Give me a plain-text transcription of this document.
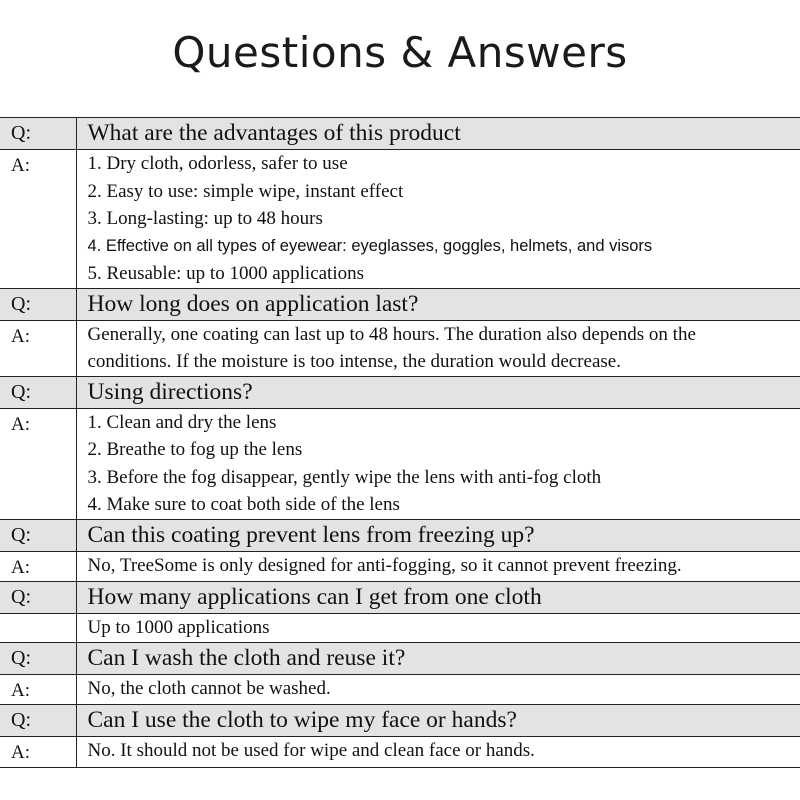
Questions & Answers
Q:	What are the advantages of this product
A:	1. Dry cloth, odorless, safer to use
2. Easy to use: simple wipe, instant effect
3. Long-lasting: up to 48 hours
4. Effective on all types of eyewear: eyeglasses, goggles, helmets, and visors
5. Reusable: up to 1000 applications

Q:	How long does on application last?
A:	Generally, one coating can last up to 48 hours. The duration also depends on the
conditions. If the moisture is too intense, the duration would decrease.

Q:	Using directions?
A:	1. Clean and dry the lens
2. Breathe to fog up the lens
3. Before the fog disappear, gently wipe the lens with anti-fog cloth
4. Make sure to coat both side of the lens

Q:	Can this coating prevent lens from freezing up?
A:	No, TreeSome is only designed for anti-fogging, so it cannot prevent freezing.

Q:	How many applications can I get from one cloth

	Up to 1000 applications

Q:	Can I wash the cloth and reuse it?
A:	No, the cloth cannot be washed.

Q:	Can I use the cloth to wipe my face or hands?
A:	No. It should not be used for wipe and clean face or hands.
